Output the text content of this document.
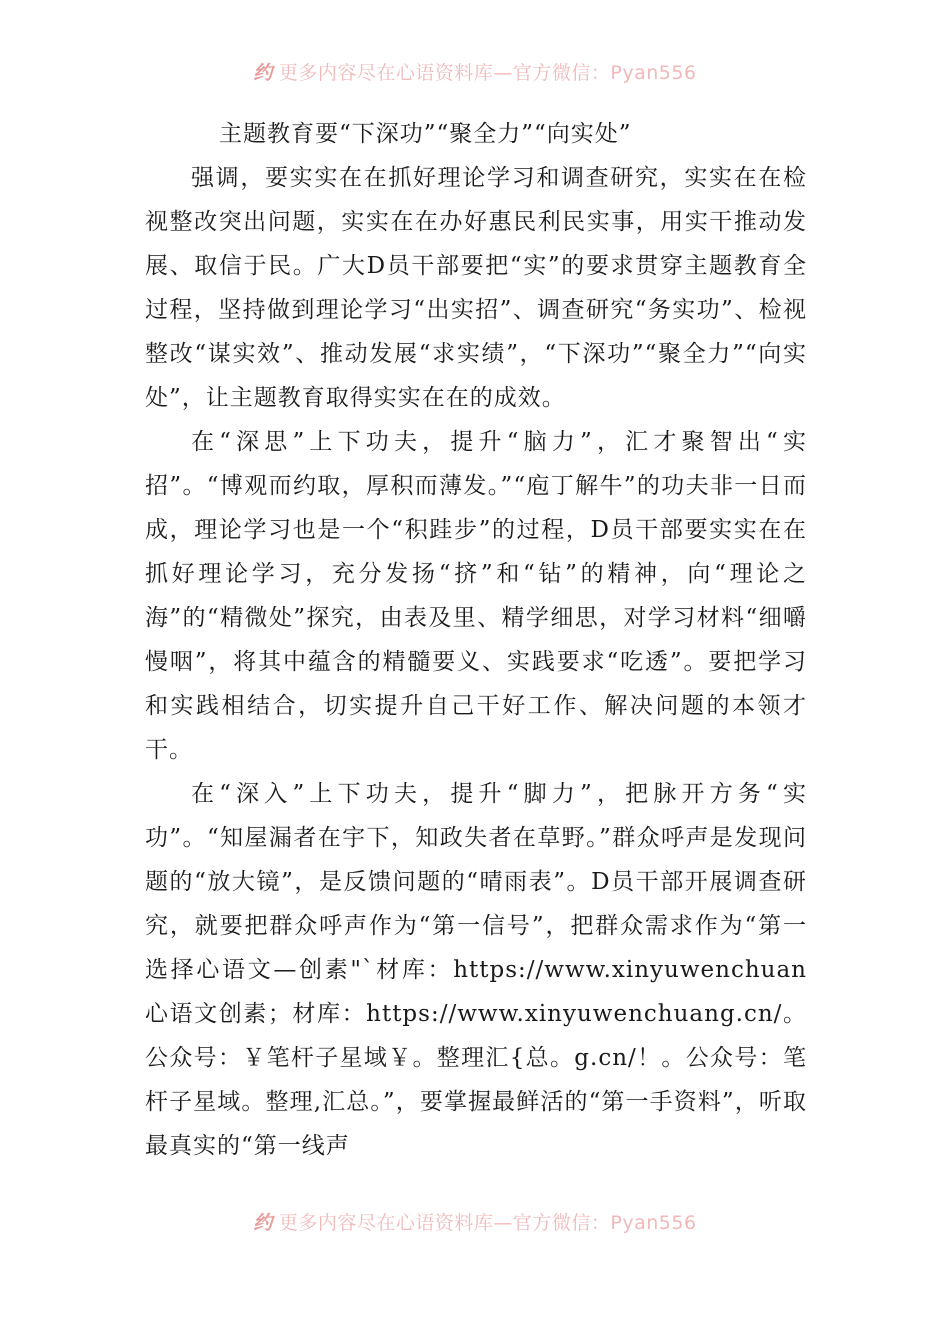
约 更多内容尽在心语资料库—官方微信：Pyan556
主题教育要“下深功”“聚全力”“向实处”

强调，要实实在在抓好理论学习和调查研究，实实在在检视整改突出问题，实实在在办好惠民利民实事，用实干推动发展、取信于民。广大D员干部要把“实”的要求贯穿主题教育全过程，坚持做到理论学习“出实招”、调查研究“务实功”、检视整改“谋实效”、推动发展“求实绩”，“下深功”“聚全力”“向实处”，让主题教育取得实实在在的成效。

在“深思”上下功夫，提升“脑力”，汇才聚智出“实招”。“博观而约取，厚积而薄发。”“庖丁解牛”的功夫非一日而成，理论学习也是一个“积跬步”的过程，D员干部要实实在在抓好理论学习，充分发扬“挤”和“钻”的精神，向“理论之海”的“精微处”探究，由表及里、精学细思，对学习材料“细嚼慢咽”，将其中蕴含的精髓要义、实践要求“吃透”。要把学习和实践相结合，切实提升自己干好工作、解决问题的本领才干。

在“深入”上下功夫，提升“脚力”，把脉开方务“实功”。“知屋漏者在宇下，知政失者在草野。”群众呼声是发现问题的“放大镜”，是反馈问题的“晴雨表”。D员干部开展调查研究，就要把群众呼声作为“第一信号”，把群众需求作为“第一选择心语文—创素"`材库：https://www.xinyuwenchuan心语文创素；材库：https://www.xinyuwenchuang.cn/。公众号：￥笔杆子星域￥。整理汇{总。g.cn/！。公众号：笔杆子星域。整理,汇总。”，要掌握最鲜活的“第一手资料”，听取最真实的“第一线声

约 更多内容尽在心语资料库—官方微信：Pyan556
